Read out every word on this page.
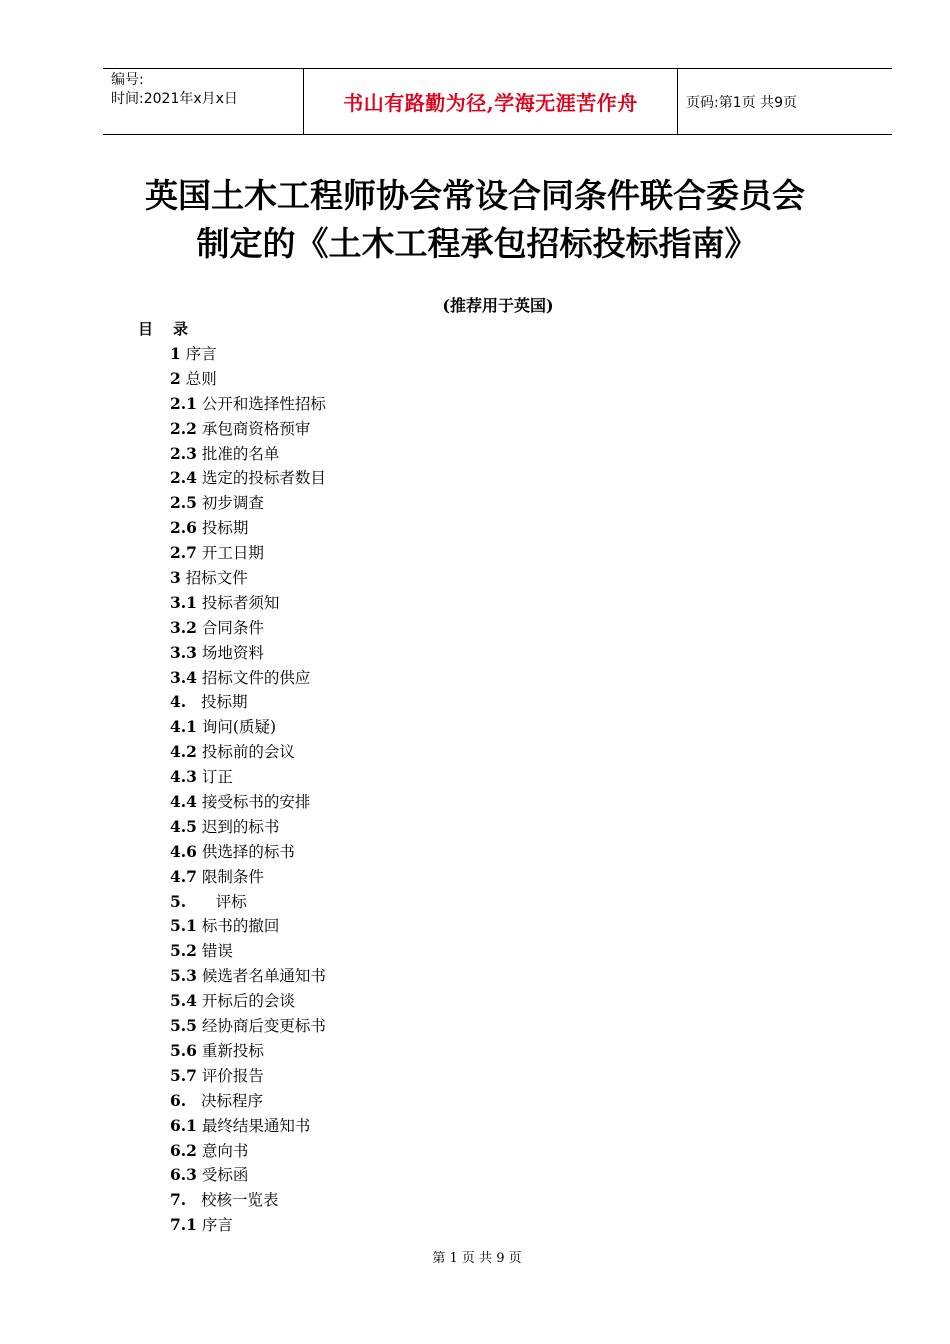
编号:
时间:2021年x月x日	书山有路勤为径,学海无涯苦作舟	页码:第1页 共9页
英国土木工程师协会常设合同条件联合委员会
制定的《土木工程承包招标投标指南》
(推荐用于英国)
目录
1 序言
2 总则
2.1 公开和选择性招标
2.2 承包商资格预审
2.3 批准的名单
2.4 选定的投标者数目
2.5 初步调查
2.6 投标期
2.7 开工日期
3 招标文件
3.1 投标者须知
3.2 合同条件
3.3 场地资料
3.4 招标文件的供应
4.   投标期
4.1 询问(质疑)
4.2 投标前的会议
4.3 订正
4.4 接受标书的安排
4.5 迟到的标书
4.6 供选择的标书
4.7 限制条件
5.      评标
5.1 标书的撤回
5.2 错误
5.3 候选者名单通知书
5.4 开标后的会谈
5.5 经协商后变更标书
5.6 重新投标
5.7 评价报告
6.   决标程序
6.1 最终结果通知书
6.2 意向书
6.3 受标函
7.   校核一览表
7.1 序言
第 1 页 共 9 页
